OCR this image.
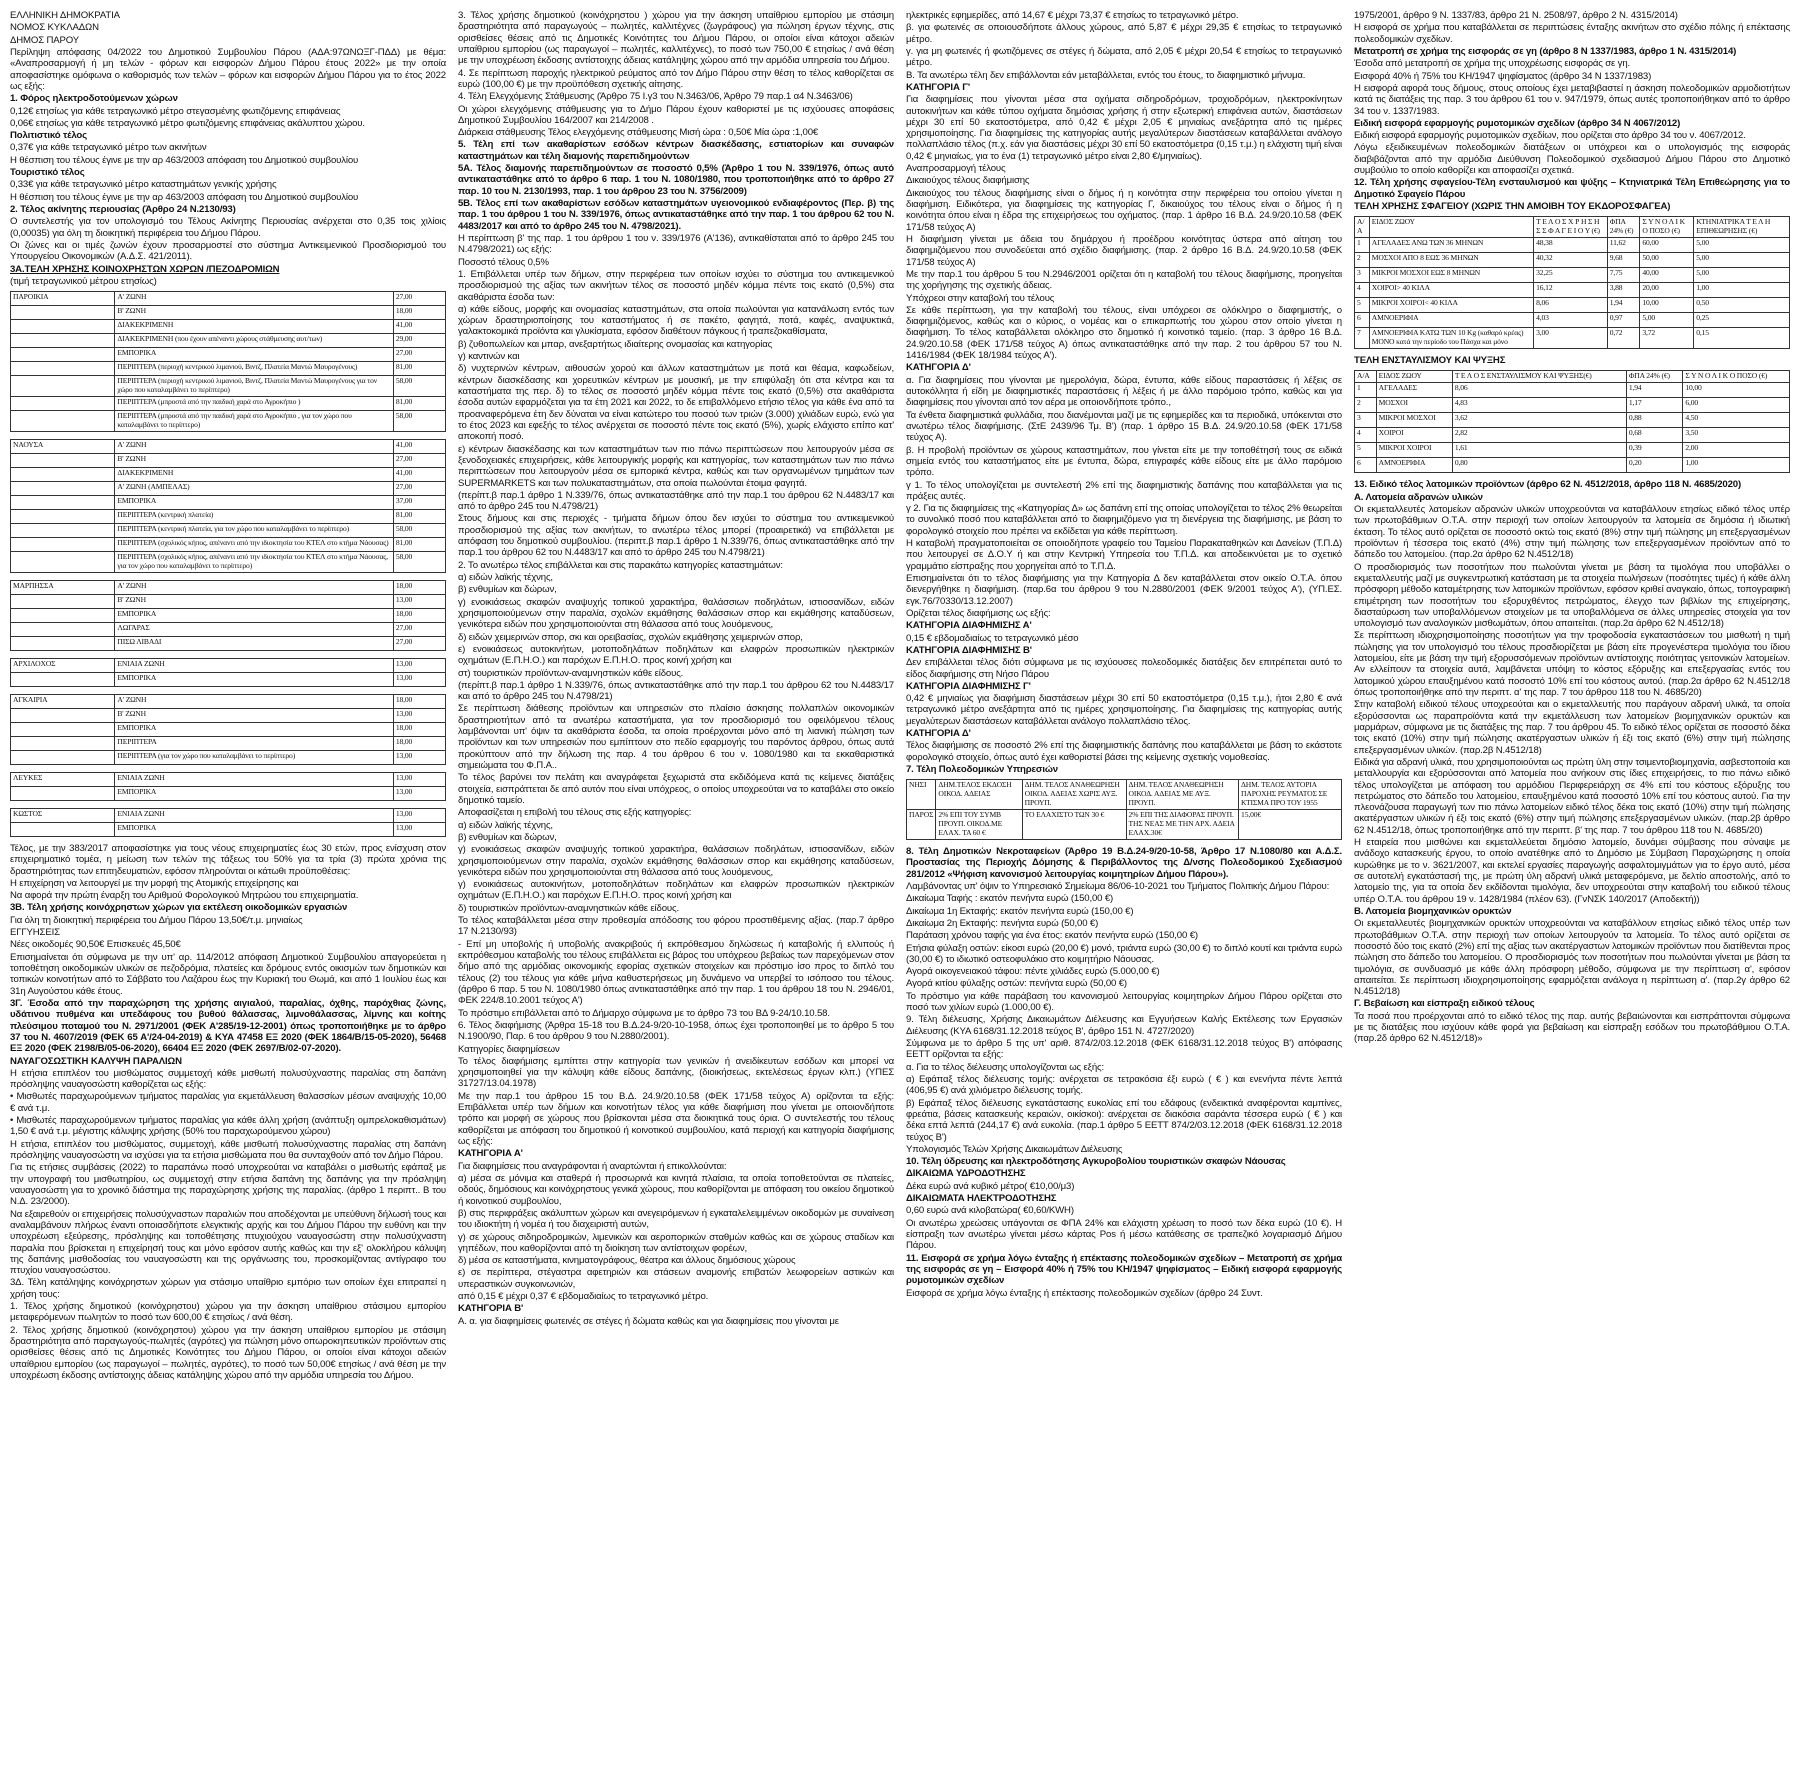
ΕΛΛΗΝΙΚΗ ΔΗΜΟΚΡΑΤΙΑ

ΝΟΜΟΣ ΚΥΚΛΑΔΩΝ

ΔΗΜΟΣ ΠΑΡΟΥ

Περίληψη απόφασης 04/2022 του Δημοτικού Συμβουλίου Πάρου (ΑΔΑ:97ΩΝΩΞΓ-ΠΔΔ) με θέμα: «Αναπροσαρμογή ή μη τελών - φόρων και εισφορών Δήμου Πάρου έτους 2022» με την οποία αποφασίστηκε ομόφωνα ο καθορισμός των τελών – φόρων και εισφορών Δήμου Πάρου για το έτος 2022 ως εξής:

1. Φόρος ηλεκτροδοτούμενων χώρων

0,12€ ετησίως για κάθε τετραγωνικό μέτρο στεγασμένης φωτιζόμενης επιφάνειας

0,06€ ετησίως για κάθε τετραγωνικό μέτρο φωτιζόμενης επιφάνειας ακάλυπτου χώρου.

Πολιτιστικό τέλος

0,37€ για κάθε τετραγωνικό μέτρο των ακινήτων

Η θέσπιση του τέλους έγινε με την αρ 463/2003 απόφαση του Δημοτικού συμβουλίου

Τουριστικό τέλος

0,33€ για κάθε τετραγωνικό μέτρο καταστημάτων γενικής χρήσης

Η θέσπιση του τέλους έγινε με την αρ 463/2003 απόφαση του Δημοτικού συμβουλίου

2. Τέλος ακίνητης περιουσίας (Άρθρο 24 Ν.2130/93)

Ο συντελεστής για τον υπολογισμό του Τέλους Ακίνητης Περιουσίας ανέρχεται στο 0,35 τοις χιλίοις (0,00035) για όλη τη διοικητική περιφέρεια του Δήμου Πάρου.

Οι ζώνες και οι τιμές ζωνών έχουν προσαρμοστεί στο σύστημα Αντικειμενικού Προσδιορισμού του Υπουργείου Οικονομικών (Α.Δ.Σ. 421/2011).

3Α.ΤΕΛΗ ΧΡΗΣΗΣ ΚΟΙΝΟΧΡΗΣΤΩΝ ΧΩΡΩΝ /ΠΕΖΟΔΡΟΜΙΩΝ

(τιμή τετραγωνικού μέτρου ετησίως)

ΠΑΡΟΙΚΙΑ	Α' ΖΩΝΗ	27,00
	Β' ΖΩΝΗ	18,00
	ΔΙΑΚΕΚΡΙΜΕΝΗ	41,00
	ΔΙΑΚΕΚΡΙΜΕΝΗ (που έχουν απέναντι χώρους στάθμευσης αυτ/των)	29,00
	ΕΜΠΟΡΙΚΑ	27,00
	ΠΕΡΙΠΤΕΡΑ (περιοχή κεντρικού λιμανιού, Βιντζ, Πλατεία Μαντώ Μαυρογένους)	81,00
	ΠΕΡΙΠΤΕΡΑ (περιοχή κεντρικού λιμανιού, Βιντζ, Πλατεία Μαντώ Μαυρογένους για τον χώρο που καταλαμβάνει το περίπτερο)	58,00
	ΠΕΡΙΠΤΕΡΑ (μπροστά από την παιδική χαρά στο Αγροκήπιο )	81,00
	ΠΕΡΙΠΤΕΡΑ (μπροστά από την παιδική χαρά στο Αγροκήπιο , για τον χώρο που καταλαμβάνει το περίπτερο)	58,00

ΝΑΟΥΣΑ	Α' ΖΩΝΗ	41,00
	Β' ΖΩΝΗ	27,00
	ΔΙΑΚΕΚΡΙΜΕΝΗ	41,00
	Α' ΖΩΝΗ (ΑΜΠΕΛΑΣ)	27,00
	ΕΜΠΟΡΙΚΑ	37,00
	ΠΕΡΙΠΤΕΡΑ (κεντρική πλατεία)	81,00
	ΠΕΡΙΠΤΕΡΑ (κεντρική πλατεία, για τον χώρο που καταλαμβάνει το περίπτερο)	58,00
	ΠΕΡΙΠΤΕΡΑ (σχολικός κήπος, απέναντι από την ιδιοκτησία του ΚΤΕΛ στο κτήμα Νάουσας)	81,00
	ΠΕΡΙΠΤΕΡΑ (σχολικός κήπος, απέναντι από την ιδιοκτησία του ΚΤΕΛ στο κτήμα Νάουσας, για τον χώρο που καταλαμβάνει το περίπτερο)	58,00

ΜΑΡΠΗΣΣΑ	Α' ΖΩΝΗ	18,00
	Β' ΖΩΝΗ	13,00
	ΕΜΠΟΡΙΚΑ	18,00
	ΛΩΓΑΡΑΣ	27,00
	ΠΙΣΩ ΛΙΒΑΔΙ	27,00

ΑΡΧΙΛΟΧΟΣ	ΕΝΙΑΙΑ ΖΩΝΗ	13,00
	ΕΜΠΟΡΙΚΑ	13,00

ΑΓΚΑΙΡΙΑ	Α' ΖΩΝΗ	18,00
	Β' ΖΩΝΗ	13,00
	ΕΜΠΟΡΙΚΑ	18,00
	ΠΕΡΙΠΤΕΡΑ	18,00
	ΠΕΡΙΠΤΕΡΑ (για τον χώρο που καταλαμβάνει το περίπτερο)	13,00

ΛΕΥΚΕΣ	ΕΝΙΑΙΑ ΖΩΝΗ	13,00
	ΕΜΠΟΡΙΚΑ	13,00

ΚΩΣΤΟΣ	ΕΝΙΑΙΑ ΖΩΝΗ	13,00
	ΕΜΠΟΡΙΚΑ	13,00

Τέλος, με την 383/2017 αποφασίστηκε για τους νέους επιχειρηματίες έως 30 ετών, προς ενίσχυση στον επιχειρηματικό τομέα, η μείωση των τελών της τάξεως του 50% για τα τρία (3) πρώτα χρόνια της δραστηριότητας των επιτηδευματιών, εφόσον πληρούνται οι κάτωθι προϋποθέσεις:

Η επιχείρηση να λειτουργεί με την μορφή της Ατομικής επιχείρησης και

Να αφορά την πρώτη έναρξη του Αριθμού Φορολογικού Μητρώου του επιχειρηματία.

3Β. Τέλη χρήσης κοινόχρηστων χώρων για εκτέλεση οικοδομικών εργασιών

Για όλη τη διοικητική περιφέρεια του Δήμου Πάρου 13,50€/τ.μ. μηνιαίως

ΕΓΓΥΗΣΕΙΣ

Νέες οικοδομές 90,50€ Επισκευές 45,50€

Επισημαίνεται ότι σύμφωνα με την υπ' αρ. 114/2012 απόφαση Δημοτικού Συμβουλίου απαγορεύεται η τοποθέτηση οικοδομικών υλικών σε πεζοδρόμια, πλατείες και δρόμους εντός οικισμών των δημοτικών και τοπικών κοινοτήτων από το Σάββατο του Λαζάρου έως την Κυριακή του Θωμά, και από 1 Ιουλίου έως και 31η Αυγούστου κάθε έτους.

3Γ. Έσοδα από την παραχώρηση της χρήσης αιγιαλού, παραλίας, όχθης, παρόχθιας ζώνης, υδάτινου πυθμένα και υπεδάφους του βυθού θάλασσας, λιμνοθάλασσας, λίμνης και κοίτης πλεύσιμου ποταμού του Ν. 2971/2001 (ΦΕΚ Α'285/19-12-2001) όπως τροποποιήθηκε με το άρθρο 37 του Ν. 4607/2019 (ΦΕΚ 65 Α'/24-04-2019) & ΚΥΑ 47458 ΕΞ 2020 (ΦΕΚ 1864/Β/15-05-2020), 56468 ΕΞ 2020 (ΦΕΚ 2198/Β/05-06-2020), 66404 ΕΞ 2020 (ΦΕΚ 2697/Β/02-07-2020).

ΝΑΥΑΓΟΣΩΣΤΙΚΗ ΚΑΛΥΨΗ ΠΑΡΑΛΙΩΝ

Η ετήσια επιπλέον του μισθώματος συμμετοχή κάθε μισθωτή πολυσύχναστης παραλίας στη δαπάνη πρόσληψης ναυαγοσώστη καθορίζεται ως εξής:

• Μισθωτές παραχωρούμενων τμήματος παραλίας για εκμετάλλευση θαλασσίων μέσων αναψυχής 10,00 € ανά τ.μ.

• Μισθωτές παραχωρούμενων τμήματος παραλίας για κάθε άλλη χρήση (ανάπτυξη ομπρελοκαθισμάτων) 1,50 € ανά τ.μ. μέγιστης κάλυψης χρήσης (50% του παραχωρούμενου χώρου)

Η ετήσια, επιπλέον του μισθώματος, συμμετοχή, κάθε μισθωτή πολυσύχναστης παραλίας στη δαπάνη πρόσληψης ναυαγοσώστη να ισχύσει για τα ετήσια μισθώματα που θα συνταχθούν από τον Δήμο Πάρου.

Για τις ετήσιες συμβάσεις (2022) το παραπάνω ποσό υποχρεούται να καταβάλει ο μισθωτής εφάπαξ με την υπογραφή του μισθωτηρίου, ως συμμετοχή στην ετήσια δαπάνη της δαπάνης για την πρόσληψη ναυαγοσώστη για το χρονικό διάστημα της παραχώρησης χρήσης της παραλίας. (άρθρο 1 περιπτ.. Β του Ν.Δ. 23/2000).

Να εξαιρεθούν οι επιχειρήσεις πολυσύχναστων παραλιών που αποδέχονται με υπεύθυνη δήλωσή τους και αναλαμβάνουν πλήρως έναντι οποιασδήποτε ελεγκτικής αρχής και του Δήμου Πάρου την ευθύνη και την υποχρέωση εξεύρεσης, πρόσληψης και τοποθέτησης πτυχιούχου ναυαγοσώστη στην πολυσύχναστη παραλία που βρίσκεται η επιχείρησή τους και μόνο εφόσον αυτής καθώς και την εξ' ολοκλήρου κάλυψη της δαπάνης μισθοδοσίας του ναυαγοσώστη και της οργάνωσης του, προσκομίζοντας αντίγραφο του πτυχίου ναυαγοσώστου.

3Δ. Τέλη κατάληψης κοινόχρηστων χώρων για στάσιμο υπαίθριο εμπόριο των οποίων έχει επιτραπεί η χρήση τους:

1. Τέλος χρήσης δημοτικού (κοινόχρηστου) χώρου για την άσκηση υπαίθριου στάσιμου εμπορίου μεταφερόμενων πωλητών το ποσό των 600,00 € ετησίως / ανά θέση.

2. Τέλος χρήσης δημοτικού (κοινόχρηστου) χώρου για την άσκηση υπαίθριου εμπορίου με στάσιμη δραστηριότητα από παραγωγούς-πωλητές (αγρότες) για πώληση μόνο οπωροκηπευτικών προϊόντων στις ορισθείσες θέσεις από τις Δημοτικές Κοινότητες του Δήμου Πάρου, οι οποίοι είναι κάτοχοι αδειών υπαίθριου εμπορίου (ως παραγωγοί – πωλητές, αγρότες), το ποσό των 50,00€ ετησίως / ανά θέση με την υποχρέωση έκδοσης αντίστοιχης άδειας κατάληψης χώρου από την αρμόδια υπηρεσία του Δήμου.

3. Τέλος χρήσης δημοτικού (κοινόχρηστου ) χώρου για την άσκηση υπαίθριου εμπορίου με στάσιμη δραστηριότητα από παραγωγούς – πωλητές, καλλιτέχνες (ζωγράφους) για πώληση έργων τέχνης, στις ορισθείσες θέσεις από τις Δημοτικές Κοινότητες του Δήμου Πάρου, οι οποίοι είναι κάτοχοι αδειών υπαίθριου εμπορίου (ως παραγωγοί – πωλητές, καλλιτέχνες), το ποσό των 750,00 € ετησίως / ανά θέση με την υποχρέωση έκδοσης αντίστοιχης άδειας κατάληψης χώρου από την αρμόδια υπηρεσία του Δήμου.

4. Σε περίπτωση παροχής ηλεκτρικού ρεύματος από τον Δήμο Πάρου στην θέση το τέλος καθορίζεται σε ευρώ (100,00 €) με την προϋπόθεση σχετικής αίτησης.

4. Τέλη Ελεγχόμενης Στάθμευσης (Άρθρο 75 Ι.γ3 του Ν.3463/06, Άρθρο 79 παρ.1 α4 Ν.3463/06)

Οι χώροι ελεγχόμενης στάθμευσης για το Δήμο Πάρου έχουν καθοριστεί με τις ισχύουσες αποφάσεις Δημοτικού Συμβουλίου 164/2007 και 214/2008 .

Διάρκεια στάθμευσης Τέλος ελεγχόμενης στάθμευσης Μισή ώρα : 0,50€ Μία ώρα :1,00€

5. Τέλη επί των ακαθαρίστων εσόδων κέντρων διασκέδασης, εστιατορίων και συναφών καταστημάτων και τέλη διαμονής παρεπιδημούντων

5Α. Τέλος διαμονής παρεπιδημούντων σε ποσοστό 0,5% (Άρθρο 1 του Ν. 339/1976, όπως αυτό αντικαταστάθηκε από το άρθρο 6 παρ. 1 του Ν. 1080/1980, που τροποποιήθηκε από το άρθρο 27 παρ. 10 του Ν. 2130/1993, παρ. 1 του άρθρου 23 του Ν. 3756/2009)

5Β. Τέλος επί των ακαθαρίστων εσόδων καταστημάτων υγειονομικού ενδιαφέροντος (Περ. β) της παρ. 1 του άρθρου 1 του Ν. 339/1976, όπως αντικαταστάθηκε από την παρ. 1 του άρθρου 62 του Ν. 4483/2017 και από το άρθρο 245 του Ν. 4798/2021).

Η περίπτωση β' της παρ. 1 του άρθρου 1 του ν. 339/1976 (Α'136), αντικαθίσταται από το άρθρο 245 του Ν.4798/2021) ως εξής:

Ποσοστό τέλους 0,5%

1. Επιβάλλεται υπέρ των δήμων, στην περιφέρεια των οποίων ισχύει το σύστημα του αντικειμενικού προσδιορισμού της αξίας των ακινήτων τέλος σε ποσοστό μηδέν κόμμα πέντε τοις εκατό (0,5%) στα ακαθάριστα έσοδα των:

α) κάθε είδους, μορφής και ονομασίας καταστημάτων, στα οποία πωλούνται για κατανάλωση εντός των χώρων δραστηριοποίησης του καταστήματος ή σε πακέτο, φαγητά, ποτά, καφές, αναψυκτικά, γαλακτοκομικά προϊόντα και γλυκίσματα, εφόσον διαθέτουν πάγκους ή τραπεζοκαθίσματα,

β) ζυθοπωλείων και μπαρ, ανεξαρτήτως ιδιαίτερης ονομασίας και κατηγορίας

γ) καντινών και

δ) νυχτερινών κέντρων, αιθουσών χορού και άλλων καταστημάτων με ποτά και θέαμα, καφωδείων, κέντρων διασκέδασης και χορευτικών κέντρων με μουσική, με την επιφύλαξη ότι στα κέντρα και τα καταστήματα της περ. δ) το τέλος σε ποσοστό μηδέν κόμμα πέντε τοις εκατό (0,5%) στα ακαθάριστα έσοδα αυτών εφαρμόζεται για τα έτη 2021 και 2022, το δε επιβαλλόμενο ετήσιο τέλος για κάθε ένα από τα προαναφερόμενα έτη δεν δύναται να είναι κατώτερο του ποσού των τριών (3.000) χιλιάδων ευρώ, ενώ για το έτος 2023 και εφεξής το τέλος ανέρχεται σε ποσοστό πέντε τοις εκατό (5%), χωρίς ελάχιστο επίπο κατ' αποκοπή ποσό.

ε) κέντρων διασκέδασης και των καταστημάτων των πιο πάνω περιπτώσεων που λειτουργούν μέσα σε ξενοδοχειακές επιχειρήσεις, κάθε λειτουργικής μορφής και κατηγορίας, των καταστημάτων των πιο πάνω περιπτώσεων που λειτουργούν μέσα σε εμπορικά κέντρα, καθώς και των οργανωμένων τμημάτων των SUPERMARKETS και των πολυκαταστημάτων, στα οποία πωλούνται έτοιμα φαγητά.

(περίπτ.β παρ.1 άρθρο 1 Ν.339/76, όπως αντικαταστάθηκε από την παρ.1 του άρθρου 62 Ν.4483/17 και από το άρθρο 245 του Ν.4798/21)

Στους δήμους και στις περιοχές - τμήματα δήμων όπου δεν ισχύει το σύστημα του αντικειμενικού προσδιορισμού της αξίας των ακινήτων, το ανωτέρω τέλος μπορεί (προαιρετικά) να επιβάλλεται με απόφαση του δημοτικού συμβουλίου. (περιπτ.β παρ.1 άρθρο 1 Ν.339/76, όπως αντικαταστάθηκε από την παρ.1 του άρθρου 62 του Ν.4483/17 και από το άρθρο 245 του Ν.4798/21)

2. Το ανωτέρω τέλος επιβάλλεται και στις παρακάτω κατηγορίες καταστημάτων:

α) ειδών λαϊκής τέχνης,

β) ενθυμίων και δώρων,

γ) ενοικιάσεως σκαφών αναψυχής τοπικού χαρακτήρα, θαλάσσιων ποδηλάτων, ιστιοσανίδων, ειδών χρησιμοποιούμενων στην παραλία, σχολών εκμάθησης θαλάσσιων σπορ και εκμάθησης καταδύσεων, γενικότερα ειδών που χρησιμοποιούνται στη θάλασσα από τους λουόμενους,

δ) ειδών χειμερινών σπορ, σκι και ορειβασίας, σχολών εκμάθησης χειμερινών σπορ,

ε) ενοικιάσεως αυτοκινήτων, μοτοποδηλάτων ποδηλάτων και ελαφρών προσωπικών ηλεκτρικών οχημάτων (Ε.Π.Η.Ο.) και παρόχων Ε.Π.Η.Ο. προς κοινή χρήση και

στ) τουριστικών προϊόντων-αναμνηστικών κάθε είδους.

(περίπτ.β παρ.1 άρθρο 1 Ν.339/76, όπως αντικαταστάθηκε από την παρ.1 του άρθρου 62 του Ν.4483/17 και από το άρθρο 245 του Ν.4798/21)

Σε περίπτωση διάθεσης προϊόντων και υπηρεσιών στο πλαίσιο άσκησης πολλαπλών οικονομικών δραστηριοτήτων από τα ανωτέρω καταστήματα, για τον προσδιορισμό του οφειλόμενου τέλους λαμβάνονται υπ' όψιν τα ακαθάριστα έσοδα, τα οποία προέρχονται μόνο από τη λιανική πώληση των προϊόντων και των υπηρεσιών που εμπίπτουν στο πεδίο εφαρμογής του παρόντος άρθρου, όπως αυτά προκύπτουν από την δήλωση της παρ. 4 του άρθρου 6 του ν. 1080/1980 και τα εκκαθαριστικά σημειώματα του Φ.Π.Α..

Το τέλος βαρύνει τον πελάτη και αναγράφεται ξεχωριστά στα εκδιδόμενα κατά τις κείμενες διατάξεις στοιχεία, εισπράττεται δε από αυτόν που είναι υπόχρεος, ο οποίος υποχρεούται να το καταβάλει στο οικείο δημοτικό ταμείο.

Αποφασίζεται η επιβολή του τέλους στις εξής κατηγορίες:

α) ειδών λαϊκής τέχνης,

β) ενθυμίων και δώρων,

γ) ενοικιάσεως σκαφών αναψυχής τοπικού χαρακτήρα, θαλάσσιων ποδηλάτων, ιστιοσανίδων, ειδών χρησιμοποιούμενων στην παραλία, σχολών εκμάθησης θαλάσσιων σπορ και εκμάθησης καταδύσεων, γενικότερα ειδών που χρησιμοποιούνται στη θάλασσα από τους λουόμενους,

γ) ενοικιάσεως αυτοκινήτων, μοτοποδηλάτων ποδηλάτων και ελαφρών προσωπικών ηλεκτρικών οχημάτων (Ε.Π.Η.Ο.) και παρόχων Ε.Π.Η.Ο. προς κοινή χρήση και

δ) τουριστικών προϊόντων-αναμνηστικών κάθε είδους.

Το τέλος καταβάλλεται μέσα στην προθεσμία απόδοσης του φόρου προστιθέμενης αξίας. (παρ.7 άρθρο 17 Ν.2130/93)

- Επί μη υποβολής ή υποβολής ανακριβούς ή εκπρόθεσμου δηλώσεως ή καταβολής ή ελλιπούς ή εκπρόθεσμου καταβολής του τέλους επιβάλλεται εις βάρος του υπόχρεου βεβαίως των παρεχόμενων στον δήμο από της αρμόδιας οικονομικής εφορίας σχετικών στοιχείων και πρόστιμο ίσο προς το διπλό του τέλους (2) του τέλους για κάθε μήνα καθυστερήσεως μη δυνάμενο να υπερβεί το ισόποσο του τέλους. (άρθρο 6 παρ. 5 του Ν. 1080/1980 όπως αντικαταστάθηκε από την παρ. 1 του άρθρου 18 του Ν. 2946/01, ΦΕΚ 224/8.10.2001 τεύχος Α')

Το πρόστιμο επιβάλλεται από το Δήμαρχο σύμφωνα με το άρθρο 73 του ΒΔ 9-24/10.10.58.

6. Τέλος διαφήμισης (Άρθρα 15-18 του Β.Δ.24-9/20-10-1958, όπως έχει τροποποιηθεί με το άρθρο 5 του Ν.1900/90, Παρ. 6 του άρθρου 9 του Ν.2880/2001).

Κατηγορίες διαφημίσεων

Το τέλος διαφήμισης εμπίπτει στην κατηγορία των γενικών ή ανειδίκευτων εσόδων και μπορεί να χρησιμοποιηθεί για την κάλυψη κάθε είδους δαπάνης, (διοικήσεως, εκτελέσεως έργων κλπ.) (ΥΠΕΣ 31727/13.04.1978)

Με την παρ.1 του άρθρου 15 του Β.Δ. 24.9/20.10.58 (ΦΕΚ 171/58 τεύχος Α) ορίζονται τα εξής: Επιβάλλεται υπέρ των δήμων και κοινοτήτων τέλος για κάθε διαφήμιση που γίνεται με οποιονδήποτε τρόπο και μορφή σε χώρους που βρίσκονται μέσα στα διοικητικά τους όρια. Ο συντελεστής του τέλους καθορίζεται με απόφαση του δημοτικού ή κοινοτικού συμβουλίου, κατά περιοχή και κατηγορία διαφήμισης ως εξής:

ΚΑΤΗΓΟΡΙΑ Α'

Για διαφημίσεις που αναγράφονται ή αναρτώνται ή επικολλούνται:

α) μέσα σε μόνιμα και σταθερά ή προσωρινά και κινητά πλαίσια, τα οποία τοποθετούνται σε πλατείες, οδούς, δημόσιους και κοινόχρηστους γενικά χώρους, που καθορίζονται με απόφαση του οικείου δημοτικού ή κοινοτικού συμβουλίου,

β) στις περιφράξεις ακάλυπτων χώρων και ανεγειρόμενων ή εγκαταλελειμμένων οικοδομών με συναίνεση του ιδιοκτήτη ή νομέα ή του διαχειριστή αυτών,

γ) σε χώρους σιδηροδρομικών, λιμενικών και αεροπορικών σταθμών καθώς και σε χώρους σταδίων και γηπέδων, που καθορίζονται από τη διοίκηση των αντίστοιχων φορέων,

δ) μέσα σε καταστήματα, κινηματογράφους, θέατρα και άλλους δημόσιους χώρους

ε) σε περίπτερα, στέγαστρα αφετηριών και στάσεων αναμονής επιβατών λεωφορείων αστικών και υπεραστικών συγκοινωνιών,

από 0,15 € μέχρι 0,37 € εβδομαδιαίως το τετραγωνικό μέτρο.

ΚΑΤΗΓΟΡΙΑ Β'

Α. α. για διαφημίσεις φωτεινές σε στέγες ή δώματα καθώς και για διαφημίσεις που γίνονται με

ηλεκτρικές εφημερίδες, από 14,67 € μέχρι 73,37 € ετησίως το τετραγωνικό μέτρο.

β. για φωτεινές σε οποιουσδήποτε άλλους χώρους, από 5,87 € μέχρι 29,35 € ετησίως το τετραγωνικό μέτρο.

γ. για μη φωτεινές ή φωτιζόμενες σε στέγες ή δώματα, από 2,05 € μέχρι 20,54 € ετησίως το τετραγωνικό μέτρο.

Β. Τα ανωτέρω τέλη δεν επιβάλλονται εάν μεταβάλλεται, εντός του έτους, το διαφημιστικό μήνυμα.

ΚΑΤΗΓΟΡΙΑ Γ'

Για διαφημίσεις που γίνονται μέσα στα οχήματα σιδηροδρόμων, τροχιοδρόμων, ηλεκτροκίνητων αυτοκινήτων και κάθε τύπου οχήματα δημόσιας χρήσης ή στην εξωτερική επιφάνεια αυτών, διαστάσεων μέχρι 30 επί 50 εκατοστόμετρα, από 0,42 € μέχρι 2,05 € μηνιαίως ανεξάρτητα από τις ημέρες χρησιμοποίησης. Για διαφημίσεις της κατηγορίας αυτής μεγαλύτερων διαστάσεων καταβάλλεται ανάλογο πολλαπλάσιο τέλος (π.χ. εάν για διαστάσεις μέχρι 30 επί 50 εκατοστόμετρα (0,15 τ.μ.) η ελάχιστη τιμή είναι 0,42 € μηνιαίως, για το ένα (1) τετραγωνικό μέτρο είναι 2,80 €/μηνιαίως).

Αναπροσαρμογή τέλους

Δικαιούχος τέλους διαφήμισης

Δικαιούχος του τέλους διαφήμισης είναι ο δήμος ή η κοινότητα στην περιφέρεια του οποίου γίνεται η διαφήμιση. Ειδικότερα, για διαφημίσεις της κατηγορίας Γ, δικαιούχος του τέλους είναι ο δήμος ή η κοινότητα όπου είναι η έδρα της επιχειρήσεως του οχήματος. (παρ. 1 άρθρο 16 Β.Δ. 24.9/20.10.58 (ΦΕΚ 171/58 τεύχος Α)

Η διαφήμιση γίνεται με άδεια του δημάρχου ή προέδρου κοινότητας ύστερα από αίτηση του διαφημιζόμενου που συνοδεύεται από σχέδιο διαφήμισης. (παρ. 2 άρθρο 16 Β.Δ. 24.9/20.10.58 (ΦΕΚ 171/58 τεύχος Α)

Με την παρ.1 του άρθρου 5 του Ν.2946/2001 ορίζεται ότι η καταβολή του τέλους διαφήμισης, προηγείται της χορήγησης της σχετικής άδειας.

Υπόχρεοι στην καταβολή του τέλους

Σε κάθε περίπτωση, για την καταβολή του τέλους, είναι υπόχρεοι σε ολόκληρο ο διαφημιστής, ο διαφημιζόμενος, καθώς και ο κύριος, ο νομέας και ο επικαρπωτής του χώρου στον οποίο γίνεται η διαφήμιση. Το τέλος καταβάλλεται ολόκληρο στο δημοτικό ή κοινοτικό ταμείο. (παρ. 3 άρθρο 16 Β.Δ. 24.9/20.10.58 (ΦΕΚ 171/58 τεύχος Α) όπως αντικαταστάθηκε από την παρ. 2 του άρθρου 57 του Ν. 1416/1984 (ΦΕΚ 18/1984 τεύχος Α').

ΚΑΤΗΓΟΡΙΑ Δ'

α. Για διαφημίσεις που γίνονται με ημερολόγια, δώρα, έντυπα, κάθε είδους παραστάσεις ή λέξεις σε αυτοκόλλητα ή είδη με διαφημιστικές παραστάσεις ή λέξεις ή με άλλο παρόμοιο τρόπο, καθώς και για διαφημίσεις που γίνονται από τον αέρα με οποιονδήποτε τρόπο.,

Τα ένθετα διαφημιστικά φυλλάδια, που διανέμονται μαζί με τις εφημερίδες και τα περιοδικά, υπόκεινται στο ανωτέρω τέλος διαφήμισης. (ΣτΕ 2439/96 Τμ. Β') (παρ. 1 άρθρο 15 Β.Δ. 24.9/20.10.58 (ΦΕΚ 171/58 τεύχος Α).

β. Η προβολή προϊόντων σε χώρους καταστημάτων, που γίνεται είτε με την τοποθέτησή τους σε ειδικά σημεία εντός του καταστήματος είτε με έντυπα, δώρα, επιγραφές κάθε είδους είτε με άλλο παρόμοιο τρόπο.

γ 1. Το τέλος υπολογίζεται με συντελεστή 2% επί της διαφημιστικής δαπάνης που καταβάλλεται για τις πράξεις αυτές.

γ 2. Για τις διαφημίσεις της «Κατηγορίας Δ» ως δαπάνη επί της οποίας υπολογίζεται το τέλος 2% θεωρείται το συνολικό ποσό που καταβάλλεται από το διαφημιζόμενο για τη διενέργεια της διαφήμισης, με βάση το φορολογικό στοιχείο που πρέπει να εκδίδεται για κάθε περίπτωση.

Η καταβολή πραγματοποιείται σε οποιοδήποτε γραφείο του Ταμείου Παρακαταθηκών και Δανείων (Τ.Π.Δ) που λειτουργεί σε Δ.Ο.Υ ή και στην Κεντρική Υπηρεσία του Τ.Π.Δ. και αποδεικνύεται με το σχετικό γραμμάτιο είσπραξης που χορηγείται από το Τ.Π.Δ.

Επισημαίνεται ότι το τέλος διαφήμισης για την Κατηγορία Δ δεν καταβάλλεται στον οικείο Ο.Τ.Α. όπου διενεργήθηκε η διαφήμιση. (παρ.6α του άρθρου 9 του Ν.2880/2001 (ΦΕΚ 9/2001 τεύχος Α'), (ΥΠ.ΕΣ. εγκ.76/70330/13.12.2007)

Ορίζεται τέλος διαφήμισης ως εξής:

ΚΑΤΗΓΟΡΙΑ ΔΙΑΦΗΜΙΣΗΣ Α'

0,15 € εβδομαδιαίως το τετραγωνικό μέσο

ΚΑΤΗΓΟΡΙΑ ΔΙΑΦΗΜΙΣΗΣ Β'

Δεν επιβάλλεται τέλος διότι σύμφωνα με τις ισχύουσες πολεοδομικές διατάξεις δεν επιτρέπεται αυτό το είδος διαφήμισης στη Νήσο Πάρου

ΚΑΤΗΓΟΡΙΑ ΔΙΑΦΗΜΙΣΗΣ Γ'

0,42 € μηνιαίως για διαφήμιση διαστάσεων μέχρι 30 επί 50 εκατοστόμετρα (0,15 τ.μ.), ήτοι 2,80 € ανά τετραγωνικό μέτρο ανεξάρτητα από τις ημέρες χρησιμοποίησης. Για διαφημίσεις της κατηγορίας αυτής μεγαλύτερων διαστάσεων καταβάλλεται ανάλογο πολλαπλάσιο τέλος.

ΚΑΤΗΓΟΡΙΑ Δ'

Τέλος διαφήμισης σε ποσοστό 2% επί της διαφημιστικής δαπάνης που καταβάλλεται με βάση το εκάστοτε φορολογικό στοιχείο, όπως αυτό έχει καθοριστεί βάσει της κείμενης σχετικής νομοθεσίας.

7. Τέλη Πολεοδομικών Υπηρεσιών

ΝΗΣΙ	ΔΗΜ.ΤΕΛΟΣ ΕΚΔΟΣΗ ΟΙΚΟΔ. ΑΔΕΙΑΣ	ΔΗΜ. ΤΕΛΟΣ ΑΝΑΘΕΩΡΗΣΗ ΟΙΚΟΔ. ΑΔΕΙΑΣ ΧΩΡΙΣ ΑΥΞ. ΠΡΟΥΠ.	ΔΗΜ. ΤΕΛΟΣ ΑΝΑΘΕΩΡΗΣΗ ΟΙΚΟΔ. ΑΔΕΙΑΣ ΜΕ ΑΥΞ. ΠΡΟΥΠ.	ΔΗΜ. ΤΕΛΟΣ ΑΥΤΟΡΙΑ ΠΑΡΟΧΗΣ ΡΕΥΜΑΤΟΣ ΣΕ ΚΤΙΣΜΑ ΠΡΟ ΤΟΥ 1955
ΠΑΡΟΣ	2% ΕΠΙ ΤΟΥ ΣΥΜΒ ΠΡΟΥΠ. ΟΙΚΟΔ.ΜΕ ΕΛΑΧ. ΤΑ 60 €	ΤΟ ΕΛΑΧΙΣΤΟ ΤΩΝ 30 €	2% ΕΠΙ ΤΗΣ ΔΙΑΦΟΡΑΣ ΠΡΟΥΠ. ΤΗΣ ΝΕΑΣ ΜΕ ΤΗΝ ΑΡΧ. ΑΔΕΙΑ ΕΛΑΧ.30€	15,00€

8. Τέλη Δημοτικών Νεκροταφείων (Άρθρο 19 Β.Δ.24-9/20-10-58, Άρθρο 17 Ν.1080/80 και Α.Δ.Σ. Προστασίας της Περιοχής Δόμησης & Περιβάλλοντος της Δ/νσης Πολεοδομικού Σχεδιασμού 281/2012 «Ψήφιση κανονισμού λειτουργίας κοιμητηρίων Δήμου Πάρου»).

Λαμβάνοντας υπ' όψιν το Υπηρεσιακό Σημείωμα 86/06-10-2021 του Τμήματος Πολιτικής Δήμου Πάρου:

Δικαίωμα Ταφής : εκατόν πενήντα ευρώ (150,00 €)

Δικαίωμα 1η Εκταφής: εκατόν πενήντα ευρώ (150,00 €)

Δικαίωμα 2η Εκταφής: πενήντα ευρώ (50,00 €)

Παράταση χρόνου ταφής για ένα έτος: εκατόν πενήντα ευρώ (150,00 €)

Ετήσια φύλαξη οστών: είκοσι ευρώ (20,00 €) μονό, τριάντα ευρώ (30,00 €) το διπλό κουτί και τριάντα ευρώ (30,00 €) το ιδιωτικό οστεοφυλάκιο στο κοιμητήριο Νάουσας.

Αγορά οικογενειακού τάφου: πέντε χιλιάδες ευρώ (5.000,00 €)

Αγορά κιτίου φύλαξης οστών: πενήντα ευρώ (50,00 €)

Το πρόστιμο για κάθε παράβαση του κανονισμού λειτουργίας κοιμητηρίων Δήμου Πάρου ορίζεται στο ποσό των χιλίων ευρώ (1.000,00 €).

9. Τέλη διέλευσης, Χρήσης Δικαιωμάτων Διέλευσης και Εγγυήσεων Καλής Εκτέλεσης των Εργασιών Διέλευσης (ΚΥΑ 6168/31.12.2018 τεύχος Β', άρθρο 151 Ν. 4727/2020)

Σύμφωνα με το άρθρο 5 της υπ' αριθ. 874/2/03.12.2018 (ΦΕΚ 6168/31.12.2018 τεύχος Β') απόφασης ΕΕΤΤ ορίζονται τα εξής:

α. Για το τέλος διέλευσης υπολογίζονται ως εξής:

α) Εφάπαξ τέλος διέλευσης τομής: ανέρχεται σε τετρακόσια έξι ευρώ ( € ) και ενενήντα πέντε λεπτά (406,95 €) ανά χιλιόμετρο διέλευσης τομής.

β) Εφάπαξ τέλος διέλευσης εγκατάστασης ευκολίας επί του εδάφους (ενδεικτικά αναφέρονται καμπίνες, φρεάτια, βάσεις κατασκευής κεραιών, οικίσκοι): ανέρχεται σε διακόσια σαράντα τέσσερα ευρώ ( € ) και δέκα επτά λεπτά (244,17 €) ανά ευκολία. (παρ.1 άρθρο 5 ΕΕΤΤ 874/2/03.12.2018 (ΦΕΚ 6168/31.12.2018 τεύχος Β')

Υπολογισμός Τελών Χρήσης Δικαιωμάτων Διέλευσης

10. Τέλη ύδρευσης και ηλεκτροδότησης Αγκυροβολίου τουριστικών σκαφών Νάουσας

ΔΙΚΑΙΩΜΑ ΥΔΡΟΔΟΤΗΣΗΣ

Δέκα ευρώ ανά κυβικό μέτρο( €10,00/μ3)

ΔΙΚΑΙΩΜΑΤΑ ΗΛΕΚΤΡΟΔΟΤΗΣΗΣ

0,60 ευρώ ανά κιλοβατώρα( €0,60/KWH)

Οι ανωτέρω χρεώσεις υπάγονται σε ΦΠΑ 24% και ελάχιστη χρέωση το ποσό των δέκα ευρώ (10 €). Η είσπραξη των ανωτέρω γίνεται μέσω κάρτας Pos ή μέσω κατάθεσης σε τραπεζικό λογαριασμό Δήμου Πάρου.

11. Εισφορά σε χρήμα λόγω ένταξης ή επέκτασης πολεοδομικών σχεδίων – Μετατροπή σε χρήμα της εισφοράς σε γη – Εισφορά 40% ή 75% του ΚΗ/1947 ψηφίσματος – Ειδική εισφορά εφαρμογής ρυμοτομικών σχεδίων

Εισφορά σε χρήμα λόγω ένταξης ή επέκτασης πολεοδομικών σχεδίων (άρθρο 24 Συντ.

1975/2001, άρθρο 9 Ν. 1337/83, άρθρο 21 Ν. 2508/97, άρθρο 2 Ν. 4315/2014)

Η εισφορά σε χρήμα που καταβάλλεται σε περιπτώσεις ένταξης ακινήτων στο σχέδιο πόλης ή επέκτασης πολεοδομικών σχεδίων.

Μετατροπή σε χρήμα της εισφοράς σε γη (άρθρο 8 Ν 1337/1983, άρθρο 1 Ν. 4315/2014)

Έσοδα από μετατροπή σε χρήμα της υποχρέωσης εισφοράς σε γη.

Εισφορά 40% ή 75% του ΚΗ/1947 ψηφίσματος (άρθρο 34 Ν 1337/1983)

Η εισφορά αφορά τους δήμους, στους οποίους έχει μεταβιβαστεί η άσκηση πολεοδομικών αρμοδιοτήτων κατά τις διατάξεις της παρ. 3 του άρθρου 61 του ν. 947/1979, όπως αυτές τροποποιήθηκαν από το άρθρο 34 του ν. 1337/1983.

Ειδική εισφορά εφαρμογής ρυμοτομικών σχεδίων (άρθρο 34 Ν 4067/2012)

Ειδική εισφορά εφαρμογής ρυμοτομικών σχεδίων, που ορίζεται στο άρθρο 34 του ν. 4067/2012.

Λόγω εξειδικευμένων πολεοδομικών διατάξεων οι υπόχρεοι και ο υπολογισμός της εισφοράς διαβιβάζονται από την αρμόδια Διεύθυνση Πολεοδομικού σχεδιασμού Δήμου Πάρου στο Δημοτικό συμβούλιο το οποίο καθορίζει και αποφασίζει σχετικά.

12. Τέλη χρήσης σφαγείου-Τέλη ενσταυλισμού και ψύξης – Κτηνιατρικά Τέλη Επιθεώρησης για το Δημοτικό Σφαγείο Πάρου

ΤΕΛΗ ΧΡΗΣΗΣ ΣΦΑΓΕΙΟΥ (ΧΩΡΙΣ ΤΗΝ ΑΜΟΙΒΗ ΤΟΥ ΕΚΔΟΡΟΣΦΑΓΕΑ)

Α/Α	ΕΙΔΟΣ ΖΩΟΥ	Τ Ε Λ Ο Σ Χ Ρ Η Σ Η Σ Σ Φ Α Γ Ε Ι Ο Υ (€)	ΦΠΑ 24% (€)	Σ Υ Ν Ο Λ Ι Κ Ο ΠΟΣΟ (€)	ΚΤΗΝΙΑΤΡΙΚΑ Τ Ε Λ Η ΕΠΙΘΕΩΡΗΣΗΣ (€)
1	ΑΓΕΛΑΔΕΣ ΑΝΩ ΤΩΝ 36 ΜΗΝΩΝ	48,38	11,62	60,00	5,00
2	ΜΟΣΧΟΙ ΑΠΟ 8 ΕΩΣ 36 ΜΗΝΩΝ	40,32	9,68	50,00	5,00
3	ΜΙΚΡΟΙ ΜΟΣΧΟΙ ΕΩΣ 8 ΜΗΝΩΝ	32,25	7,75	40,00	5,00
4	ΧΟΙΡΟΙ> 40 ΚΙΛΑ	16,12	3,88	20,00	1,00
5	ΜΙΚΡΟΙ ΧΟΙΡΟΙ< 40 ΚΙΛΑ	8,06	1,94	10,00	0,50
6	ΑΜΝΟΕΡΙΦΙΑ	4,03	0,97	5,00	0,25
7	ΑΜΝΟΕΡΙΦΙΑ ΚΑΤΩ ΤΩΝ 10 Kg (καθαρό κρέας) ΜΟΝΟ κατά την περίοδο του Πάσχα και μόνο	3,00	0,72	3,72	0,15

ΤΕΛΗ ΕΝΣΤΑΥΛΙΣΜΟΥ ΚΑΙ ΨΥΞΗΣ

Α/Α	ΕΙΔΟΣ ΖΩΟΥ	Τ Ε Λ Ο Σ ΕΝΣΤΑΥΛΙΣΜΟΥ ΚΑΙ ΨΥΞΗΣ(€)	ΦΠΑ 24% (€)	Σ Υ Ν Ο Λ Ι Κ Ο ΠΟΣΟ (€)
1	ΑΓΕΛΑΔΕΣ	8,06	1,94	10,00
2	ΜΟΣΧΟΙ	4,83	1,17	6,00
3	ΜΙΚΡΟΙ ΜΟΣΧΟΙ	3,62	0,88	4,50
4	ΧΟΙΡΟΙ	2,82	0,68	3,50
5	ΜΙΚΡΟΙ ΧΟΙΡΟΙ	1,61	0,39	2,00
6	ΑΜΝΟΕΡΙΦΙΑ	0,80	0,20	1,00

13. Ειδικό τέλος λατομικών προϊόντων (άρθρο 62 Ν. 4512/2018, άρθρο 118 Ν. 4685/2020)

Α. Λατομεία αδρανών υλικών

Οι εκμεταλλευτές λατομείων αδρανών υλικών υποχρεούνται να καταβάλλουν ετησίως ειδικό τέλος υπέρ των πρωτοβάθμιων Ο.Τ.Α. στην περιοχή των οποίων λειτουργούν τα λατομεία σε δημόσια ή ιδιωτική έκταση. Το τέλος αυτό ορίζεται σε ποσοστό οκτώ τοις εκατό (8%) στην τιμή πώλησης μη επεξεργασμένων προϊόντων ή τέσσερα τοις εκατό (4%) στην τιμή πώλησης των επεξεργασμένων προϊόντων από το δάπεδο του λατομείου. (παρ.2α άρθρο 62 Ν.4512/18)

Ο προσδιορισμός των ποσοτήτων που πωλούνται γίνεται με βάση τα τιμολόγια που υποβάλλει ο εκμεταλλευτής μαζί με συγκεντρωτική κατάσταση με τα στοιχεία πωλήσεων (ποσότητες τιμές) ή κάθε άλλη πρόσφορη μέθοδο καταμέτρησης των λατομικών προϊόντων, εφόσον κριθεί αναγκαίο, όπως, τοπογραφική επιμέτρηση των ποσοτήτων του εξορυχθέντος πετρώματος, έλεγχο των βιβλίων της επιχείρησης, διασταύρωση των υποβαλλόμενων στοιχείων με τα υποβαλλόμενα σε άλλες υπηρεσίες στοιχεία για τον υπολογισμό των αναλογικών μισθωμάτων, όπου απαιτείται. (παρ.2α άρθρο 62 Ν.4512/18)

Σε περίπτωση ιδιοχρησιμοποίησης ποσοτήτων για την τροφοδοσία εγκαταστάσεων του μισθωτή η τιμή πώλησης για τον υπολογισμό του τέλους προσδιορίζεται με βάση είτε προγενέστερα τιμολόγια του ίδιου λατομείου, είτε με βάση την τιμή εξορυσσόμενων προϊόντων αντίστοιχης ποιότητας γειτονικών λατομείων. Αν ελλείπουν τα στοιχεία αυτά, λαμβάνεται υπόψη το κόστος εξόρυξης και επεξεργασίας εντός του λατομικού χώρου επαυξημένου κατά ποσοστό 10% επί του κόστους αυτού. (παρ.2α άρθρο 62 Ν.4512/18 όπως τροποποιήθηκε από την περιπτ. α' της παρ. 7 του άρθρου 118 του Ν. 4685/20)

Στην καταβολή ειδικού τέλους υποχρεούται και ο εκμεταλλευτής που παράγουν αδρανή υλικά, τα οποία εξορύσσονται ως παραπροϊόντα κατά την εκμετάλλευση των λατομείων βιομηχανικών ορυκτών και μαρμάρων, σύμφωνα με τις διατάξεις της παρ. 7 του άρθρου 45. Το ειδικό τέλος ορίζεται σε ποσοστό δέκα τοις εκατό (10%) στην τιμή πώλησης ακατέργαστων υλικών ή έξι τοις εκατό (6%) στην τιμή πώλησης επεξεργασμένων υλικών. (παρ.2β Ν.4512/18)

Ειδικά για αδρανή υλικά, που χρησιμοποιούνται ως πρώτη ύλη στην τσιμεντοβιομηχανία, ασβεστοποιία και μεταλλουργία και εξορύσσονται από λατομεία που ανήκουν στις ίδιες επιχειρήσεις, το πιο πάνω ειδικό τέλος υπολογίζεται με απόφαση του αρμόδιου Περιφερειάρχη σε 4% επί του κόστους εξόρυξης του πετρώματος στο δάπεδο του λατομείου, επαυξημένου κατά ποσοστό 10% επί του κόστους αυτού. Για την πλεονάζουσα παραγωγή των πιο πάνω λατομείων ειδικό τέλος δέκα τοις εκατό (10%) στην τιμή πώλησης ακατέργαστων υλικών ή έξι τοις εκατό (6%) στην τιμή πώλησης επεξεργασμένων υλικών. (παρ.2β άρθρο 62 Ν.4512/18, όπως τροποποιήθηκε από την περιπτ. β' της παρ. 7 του άρθρου 118 του Ν. 4685/20)

Η εταιρεία που μισθώνει και εκμεταλλεύεται δημόσιο λατομείο, δυνάμει σύμβασης που σύναψε με ανάδοχο κατασκευής έργου, το οποίο ανατέθηκε από το Δημόσιο με Σύμβαση Παραχώρησης η οποία κυρώθηκε με το ν. 3621/2007, και εκτελεί εργασίες παραγωγής ασφαλτομιγμάτων για το έργο αυτό, μέσα σε αυτοτελή εγκατάστασή της, με πρώτη ύλη αδρανή υλικά μεταφερόμενα, με δελτίο αποστολής, από το λατομείο της, για τα οποία δεν εκδίδονται τιμολόγια, δεν υποχρεούται στην καταβολή του ειδικού τέλους υπέρ Ο.Τ.Α. του άρθρου 19 ν. 1428/1984 (πλέον 63). (ΓνΝΣΚ 140/2017 (Αποδεκτή))

Β. Λατομεία βιομηχανικών ορυκτών

Οι εκμεταλλευτές βιομηχανικών ορυκτών υποχρεούνται να καταβάλλουν ετησίως ειδικό τέλος υπέρ των πρωτοβάθμιων Ο.Τ.Α. στην περιοχή των οποίων λειτουργούν τα λατομεία. Το τέλος αυτό ορίζεται σε ποσοστό δύο τοις εκατό (2%) επί της αξίας των ακατέργαστων λατομικών προϊόντων που διατίθενται προς πώληση στο δάπεδο του λατομείου. Ο προσδιορισμός των ποσοτήτων που πωλούνται γίνεται με βάση τα τιμολόγια, σε συνδυασμό με κάθε άλλη πρόσφορη μέθοδο, σύμφωνα με την περίπτωση α', εφόσον απαιτείται. Σε περίπτωση ιδιοχρησιμοποίησης εφαρμόζεται ανάλογα η περίπτωση α'. (παρ.2γ άρθρο 62 Ν.4512/18)

Γ. Βεβαίωση και είσπραξη ειδικού τέλους

Τα ποσά που προέρχονται από το ειδικό τέλος της παρ. αυτής βεβαιώνονται και εισπράττονται σύμφωνα με τις διατάξεις που ισχύουν κάθε φορά για βεβαίωση και είσπραξη εσόδων του πρωτοβάθμιου Ο.Τ.Α. (παρ.2δ άρθρο 62 Ν.4512/18)»
